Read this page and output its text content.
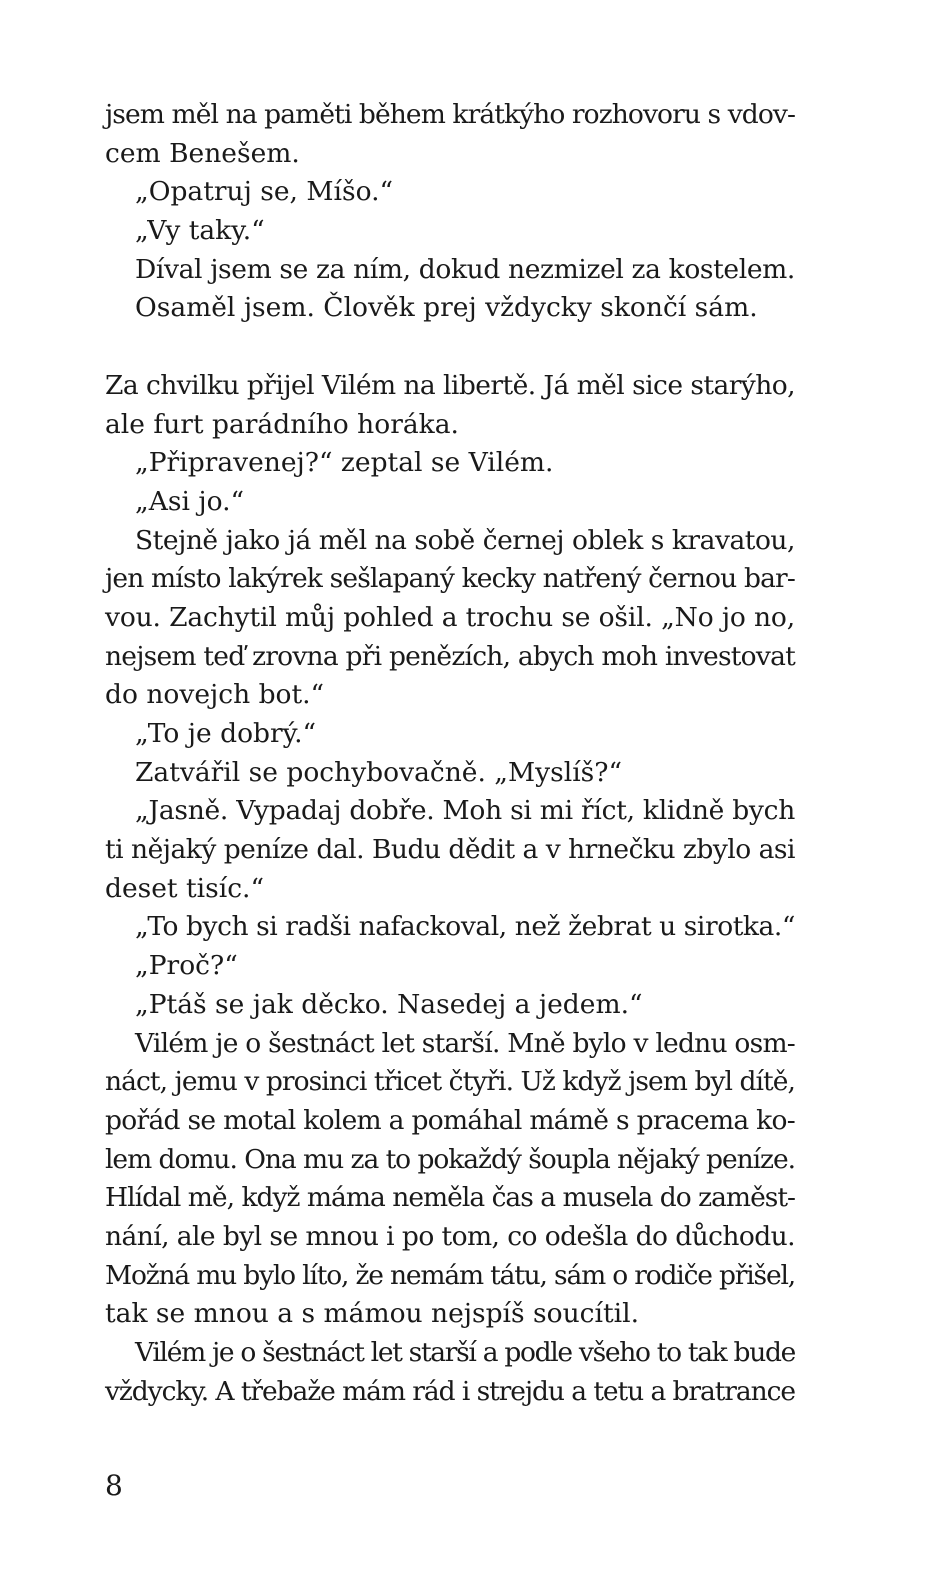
jsem měl na paměti během krátkýho rozhovoru s vdov-
cem Benešem.
„Opatruj se, Míšo.“
„Vy taky.“
Díval jsem se za ním, dokud nezmizel za kostelem.
Osaměl jsem. Člověk prej vždycky skončí sám.
Za chvilku přijel Vilém na libertě. Já měl sice starýho,
ale furt parádního horáka.
„Připravenej?“ zeptal se Vilém.
„Asi jo.“
Stejně jako já měl na sobě černej oblek s kravatou,
jen místo lakýrek sešlapaný kecky natřený černou bar-
vou. Zachytil můj pohled a trochu se ošil. „No jo no,
nejsem teď zrovna při penězích, abych moh investovat
do novejch bot.“
„To je dobrý.“
Zatvářil se pochybovačně. „Myslíš?“
„Jasně. Vypadaj dobře. Moh si mi říct, klidně bych
ti nějaký peníze dal. Budu dědit a v hrnečku zbylo asi
deset tisíc.“
„To bych si radši nafackoval, než žebrat u sirotka.“
„Proč?“
„Ptáš se jak děcko. Nasedej a jedem.“
Vilém je o šestnáct let starší. Mně bylo v lednu osm-
náct, jemu v prosinci třicet čtyři. Už když jsem byl dítě,
pořád se motal kolem a pomáhal mámě s pracema ko-
lem domu. Ona mu za to pokaždý šoupla nějaký peníze.
Hlídal mě, když máma neměla čas a musela do zaměst-
nání, ale byl se mnou i po tom, co odešla do důchodu.
Možná mu bylo líto, že nemám tátu, sám o rodiče přišel,
tak se mnou a s mámou nejspíš soucítil.
Vilém je o šestnáct let starší a podle všeho to tak bude
vždycky. A třebaže mám rád i strejdu a tetu a bratrance
8
